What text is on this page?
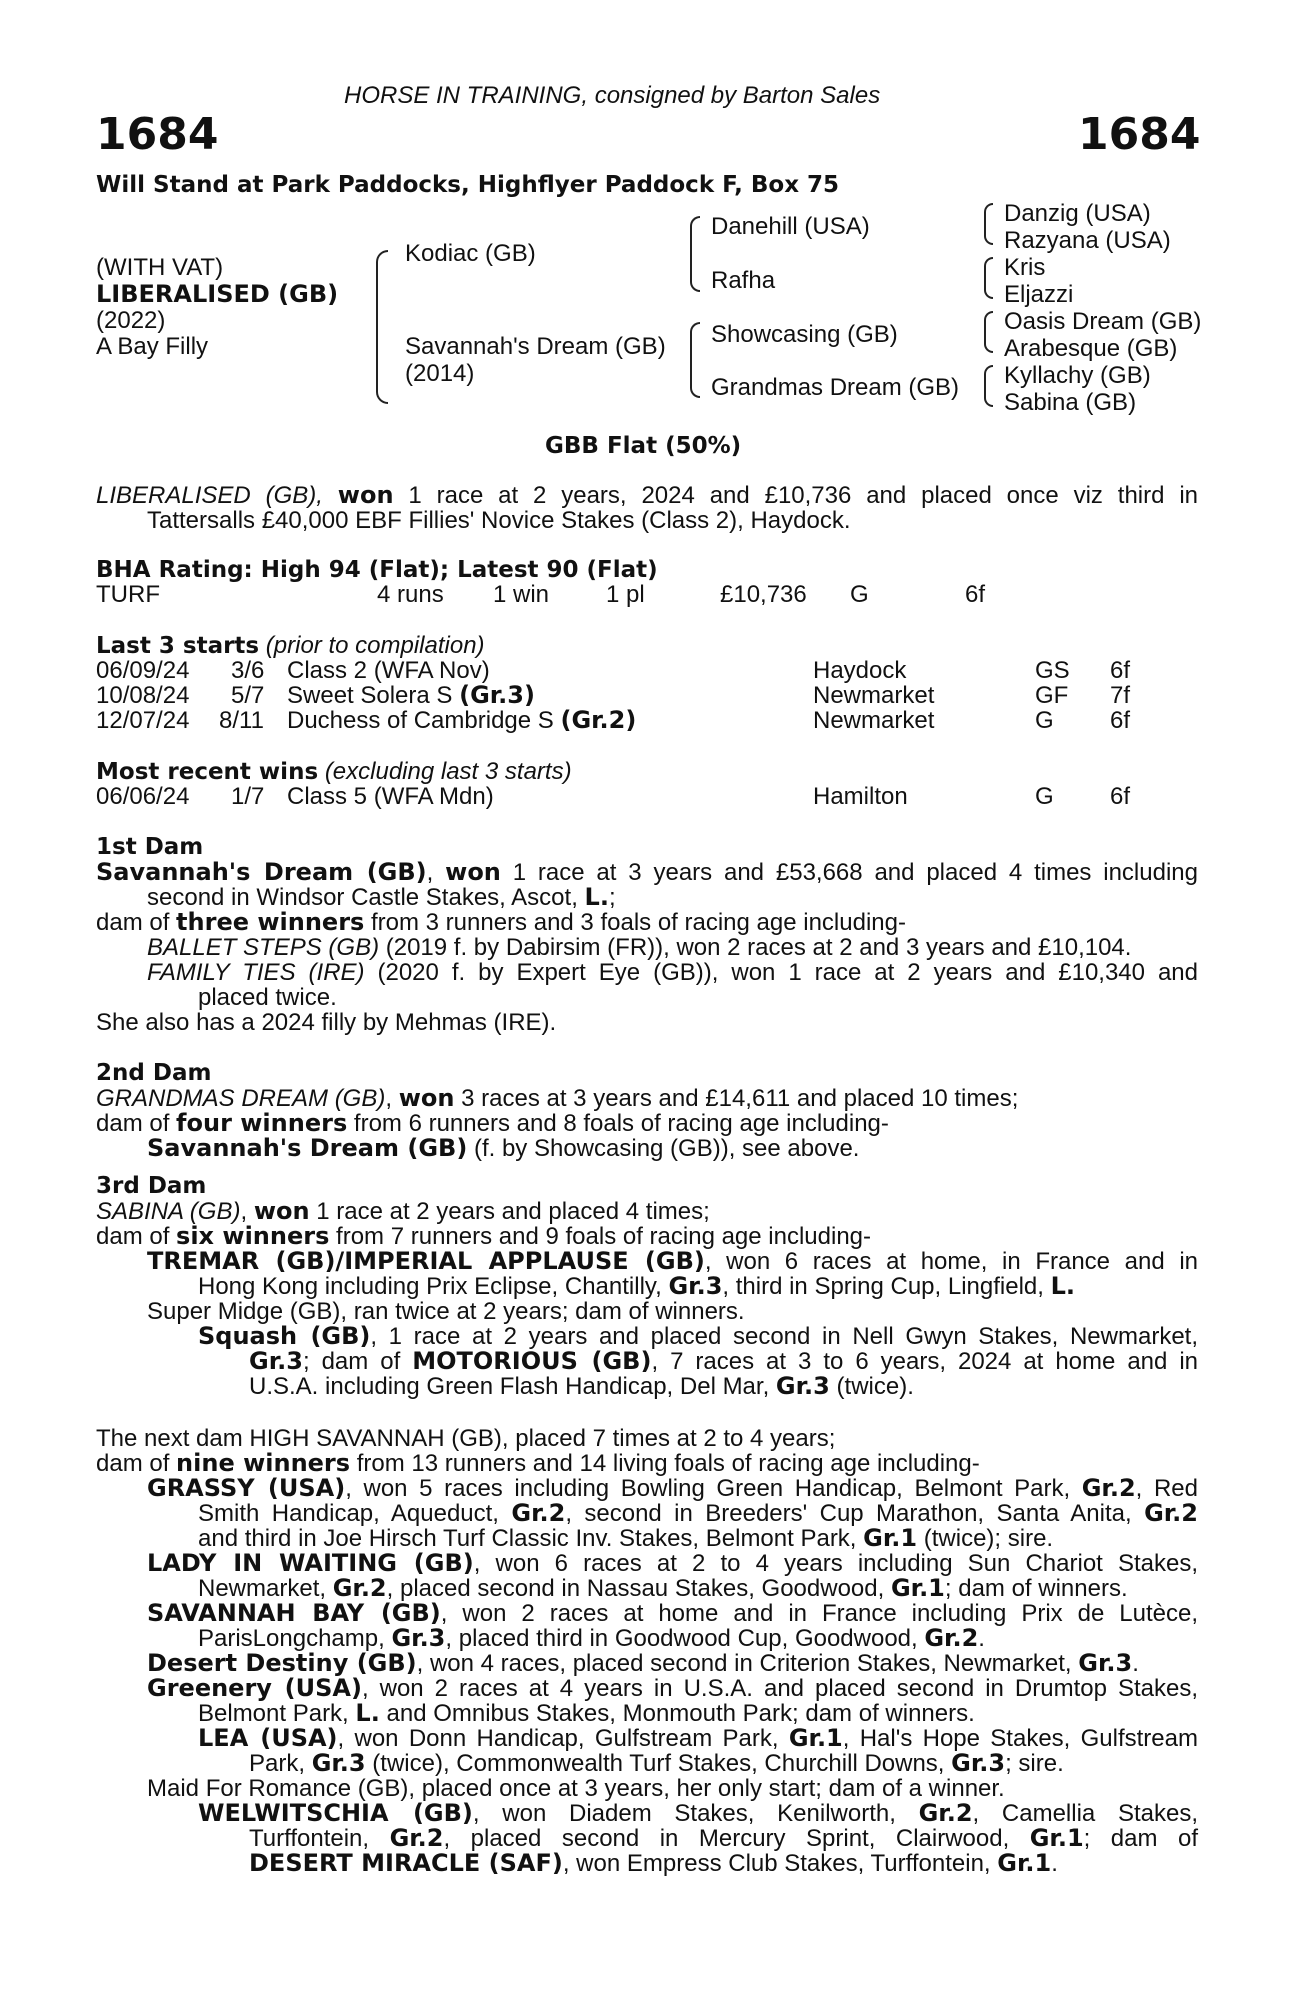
HORSE IN TRAINING, consigned by Barton Sales
1684	1684
Will Stand at Park Paddocks, Highflyer Paddock F, Box 75
(WITH VAT)
LIBERALISED (GB)
(2022)
A Bay Filly
Kodiac (GB)
Savannah's Dream (GB)
(2014)
Danehill (USA)
Rafha
Showcasing (GB)
Grandmas Dream (GB)
Danzig (USA)
Razyana (USA)
Kris
Eljazzi
Oasis Dream (GB)
Arabesque (GB)
Kyllachy (GB)
Sabina (GB)
GBB Flat (50%)

LIBERALISED (GB), won 1 race at 2 years, 2024 and £10,736 and placed once viz third in

Tattersalls £40,000 EBF Fillies' Novice Stakes (Class 2), Haydock.

BHA Rating: High 94 (Flat); Latest 90 (Flat)
TURF	4 runs 1 win 1 pl	£10,736 G	6f
Last 3 starts (prior to compilation)
06/09/24 3/6 Class 2 (WFA Nov)	Haydock	GS 6f
10/08/24 5/7 Sweet Solera S (Gr.3)	Newmarket	GF 7f
12/07/24 8/11 Duchess of Cambridge S (Gr.2)	Newmarket	G 6f
Most recent wins (excluding last 3 starts)
06/06/24 1/7 Class 5 (WFA Mdn)	Hamilton	G 6f

1st Dam

Savannah's Dream (GB), won 1 race at 3 years and £53,668 and placed 4 times including

second in Windsor Castle Stakes, Ascot, L.;

dam of three winners from 3 runners and 3 foals of racing age including-

BALLET STEPS (GB) (2019 f. by Dabirsim (FR)), won 2 races at 2 and 3 years and £10,104.

FAMILY TIES (IRE) (2020 f. by Expert Eye (GB)), won 1 race at 2 years and £10,340 and

placed twice.

She also has a 2024 filly by Mehmas (IRE).

2nd Dam

GRANDMAS DREAM (GB), won 3 races at 3 years and £14,611 and placed 10 times;

dam of four winners from 6 runners and 8 foals of racing age including-

Savannah's Dream (GB) (f. by Showcasing (GB)), see above.

3rd Dam

SABINA (GB), won 1 race at 2 years and placed 4 times;

dam of six winners from 7 runners and 9 foals of racing age including-

TREMAR (GB)/IMPERIAL APPLAUSE (GB), won 6 races at home, in France and in

Hong Kong including Prix Eclipse, Chantilly, Gr.3, third in Spring Cup, Lingfield, L.

Super Midge (GB), ran twice at 2 years; dam of winners.

Squash (GB), 1 race at 2 years and placed second in Nell Gwyn Stakes, Newmarket,

Gr.3; dam of MOTORIOUS (GB), 7 races at 3 to 6 years, 2024 at home and in

U.S.A. including Green Flash Handicap, Del Mar, Gr.3 (twice).

The next dam HIGH SAVANNAH (GB), placed 7 times at 2 to 4 years;

dam of nine winners from 13 runners and 14 living foals of racing age including-

GRASSY (USA), won 5 races including Bowling Green Handicap, Belmont Park, Gr.2, Red

Smith Handicap, Aqueduct, Gr.2, second in Breeders' Cup Marathon, Santa Anita, Gr.2

and third in Joe Hirsch Turf Classic Inv. Stakes, Belmont Park, Gr.1 (twice); sire.

LADY IN WAITING (GB), won 6 races at 2 to 4 years including Sun Chariot Stakes,

Newmarket, Gr.2, placed second in Nassau Stakes, Goodwood, Gr.1; dam of winners.

SAVANNAH BAY (GB), won 2 races at home and in France including Prix de Lutèce,

ParisLongchamp, Gr.3, placed third in Goodwood Cup, Goodwood, Gr.2.

Desert Destiny (GB), won 4 races, placed second in Criterion Stakes, Newmarket, Gr.3.

Greenery (USA), won 2 races at 4 years in U.S.A. and placed second in Drumtop Stakes,

Belmont Park, L. and Omnibus Stakes, Monmouth Park; dam of winners.

LEA (USA), won Donn Handicap, Gulfstream Park, Gr.1, Hal's Hope Stakes, Gulfstream

Park, Gr.3 (twice), Commonwealth Turf Stakes, Churchill Downs, Gr.3; sire.

Maid For Romance (GB), placed once at 3 years, her only start; dam of a winner.

WELWITSCHIA (GB), won Diadem Stakes, Kenilworth, Gr.2, Camellia Stakes,

Turffontein, Gr.2, placed second in Mercury Sprint, Clairwood, Gr.1; dam of

DESERT MIRACLE (SAF), won Empress Club Stakes, Turffontein, Gr.1.
